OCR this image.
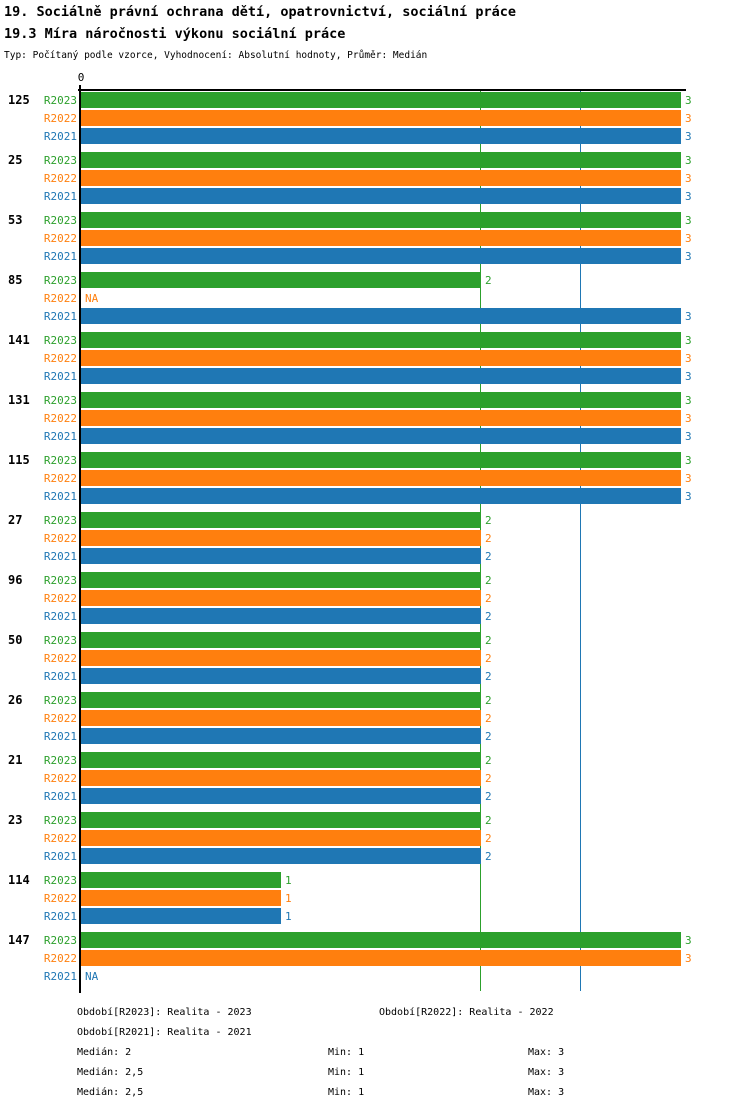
19. Sociálně právní ochrana dětí, opatrovnictví, sociální práce
19.3 Míra náročnosti výkonu sociální práce
Typ: Počítaný podle vzorce, Vyhodnocení: Absolutní hodnoty, Průměr: Medián
0
125	R2023	3
R2022	3
R2021	3
25	R2023	3
R2022	3
R2021	3
53	R2023	3
R2022	3
R2021	3
85	R2023	2
R2022 NA
R2021	3
141	R2023	3
R2022	3
R2021	3
131	R2023	3
R2022	3
R2021	3
115	R2023	3
R2022	3
R2021	3
27	R2023	2
R2022	2
R2021	2
96	R2023	2
R2022	2
R2021	2
50	R2023	2
R2022	2
R2021	2
26	R2023	2
R2022	2
R2021	2
21	R2023	2
R2022	2
R2021	2
23	R2023	2
R2022	2
R2021	2
114	R2023	1
R2022	1
R2021	1
147	R2023	3
R2022	3
R2021 NA
Období[R2023]: Realita - 2023	Období[R2022]: Realita - 2022
Období[R2021]: Realita - 2021
Medián: 2	Min: 1	Max: 3
Medián: 2,5	Min: 1	Max: 3
Medián: 2,5	Min: 1	Max: 3
